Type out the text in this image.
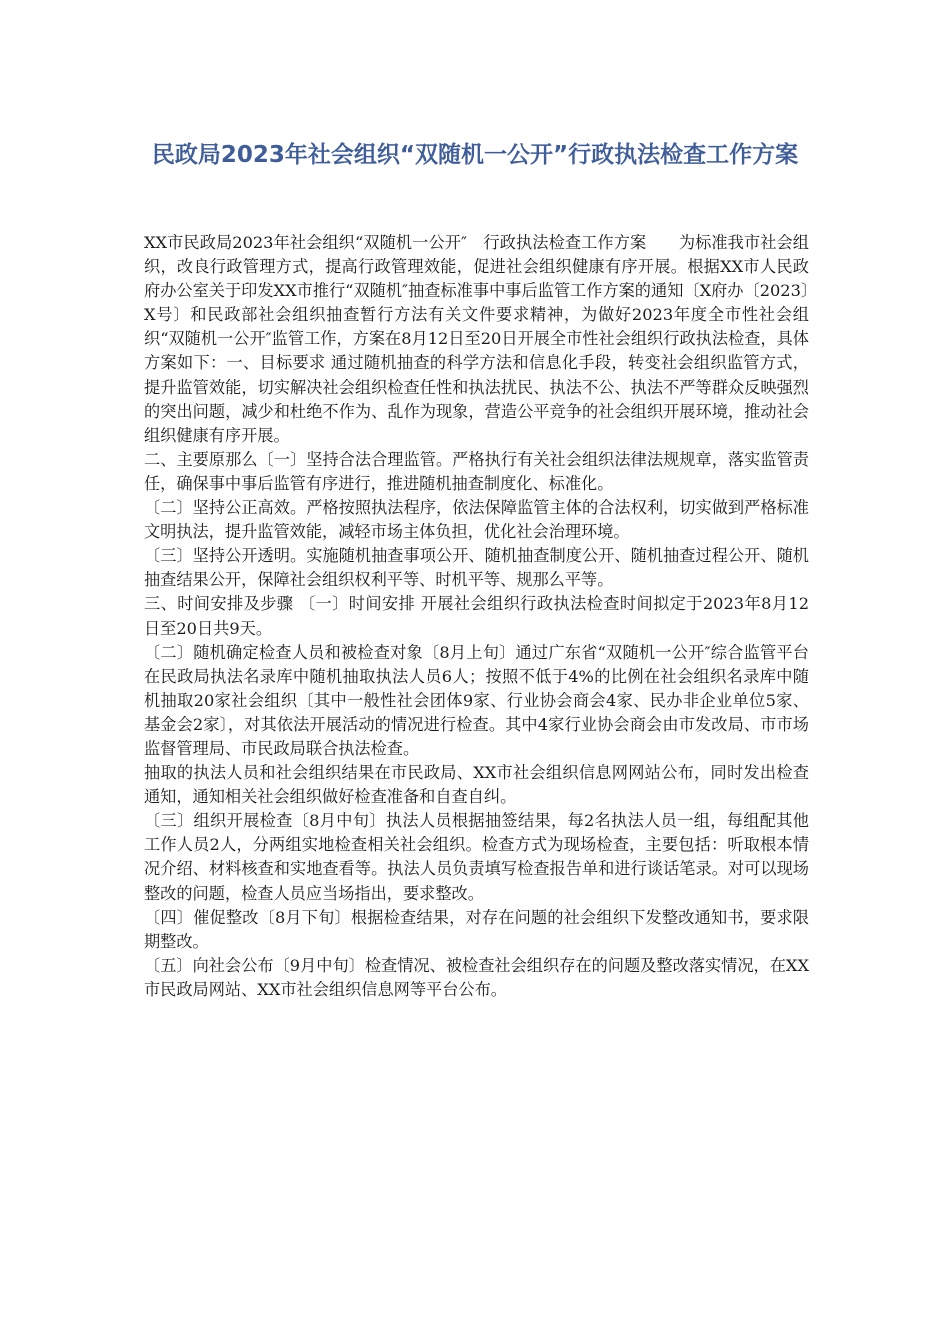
民政局2023年社会组织“双随机一公开”行政执法检查工作方案

XX市民政局2023年社会组织“双随机一公开″　行政执法检查工作方案　　为标准我市社会组织，改良行政管理方式，提高行政管理效能，促进社会组织健康有序开展。根据XX市人民政府办公室关于印发XX市推行“双随机″抽查标准事中事后监管工作方案的通知〔X府办〔2023〕X号〕和民政部社会组织抽查暂行方法有关文件要求精神，为做好2023年度全市性社会组织“双随机一公开″监管工作，方案在8月12日至20日开展全市性社会组织行政执法检查，具体方案如下：一、目标要求 通过随机抽查的科学方法和信息化手段，转变社会组织监管方式，提升监管效能，切实解决社会组织检查任性和执法扰民、执法不公、执法不严等群众反映强烈的突出问题，减少和杜绝不作为、乱作为现象，营造公平竞争的社会组织开展环境，推动社会组织健康有序开展。

二、主要原那么〔一〕坚持合法合理监管。严格执行有关社会组织法律法规规章，落实监管责任，确保事中事后监管有序进行，推进随机抽查制度化、标准化。

〔二〕坚持公正高效。严格按照执法程序，依法保障监管主体的合法权利，切实做到严格标准文明执法，提升监管效能，减轻市场主体负担，优化社会治理环境。

〔三〕坚持公开透明。实施随机抽查事项公开、随机抽查制度公开、随机抽查过程公开、随机抽查结果公开，保障社会组织权利平等、时机平等、规那么平等。

三、时间安排及步骤 〔一〕时间安排 开展社会组织行政执法检查时间拟定于2023年8月12日至20日共9天。

〔二〕随机确定检查人员和被检查对象〔8月上旬〕通过广东省“双随机一公开″综合监管平台在民政局执法名录库中随机抽取执法人员6人；按照不低于4%的比例在社会组织名录库中随机抽取20家社会组织〔其中一般性社会团体9家、行业协会商会4家、民办非企业单位5家、基金会2家〕，对其依法开展活动的情况进行检查。其中4家行业协会商会由市发改局、市市场监督管理局、市民政局联合执法检查。

抽取的执法人员和社会组织结果在市民政局、XX市社会组织信息网网站公布，同时发出检查通知，通知相关社会组织做好检查准备和自查自纠。

〔三〕组织开展检查〔8月中旬〕执法人员根据抽签结果，每2名执法人员一组，每组配其他工作人员2人，分两组实地检查相关社会组织。检查方式为现场检查，主要包括：听取根本情况介绍、材料核查和实地查看等。执法人员负责填写检查报告单和进行谈话笔录。对可以现场整改的问题，检查人员应当场指出，要求整改。

〔四〕催促整改〔8月下旬〕根据检查结果，对存在问题的社会组织下发整改通知书，要求限期整改。

〔五〕向社会公布〔9月中旬〕检查情况、被检查社会组织存在的问题及整改落实情况，在XX市民政局网站、XX市社会组织信息网等平台公布。
